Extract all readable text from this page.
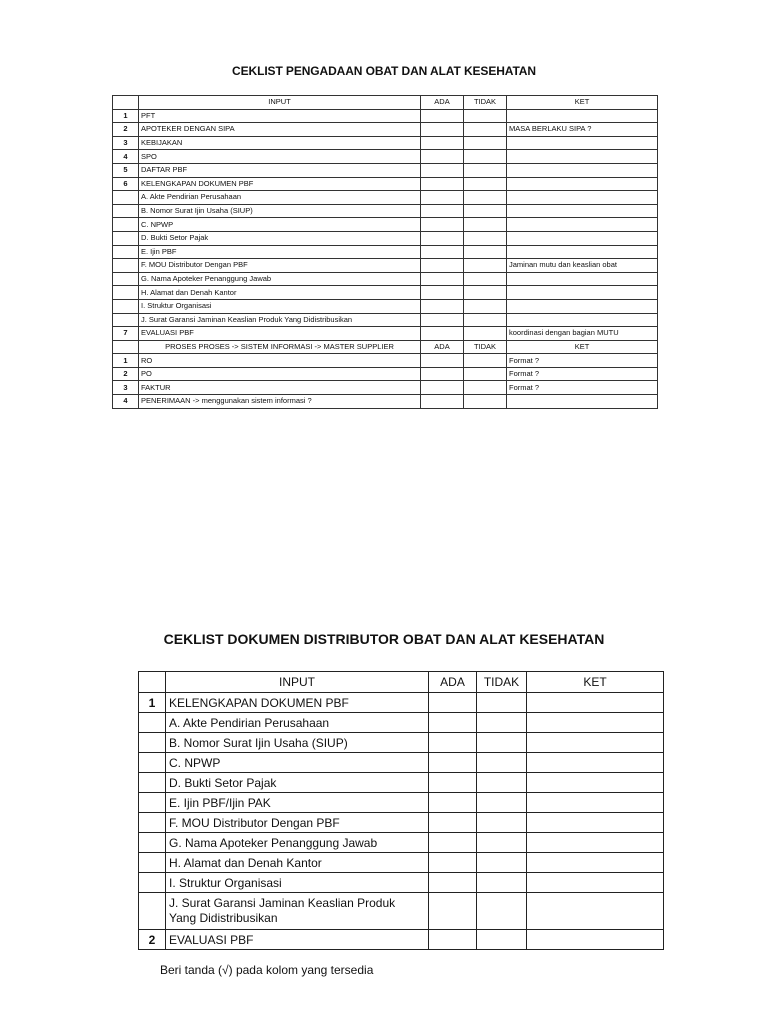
CEKLIST PENGADAAN OBAT DAN ALAT KESEHATAN
	INPUT	ADA	TIDAK	KET
1	PFT			
2	APOTEKER DENGAN SIPA			MASA BERLAKU SIPA ?
3	KEBIJAKAN			
4	SPO			
5	DAFTAR PBF			
6	KELENGKAPAN DOKUMEN PBF			
	A. Akte Pendirian Perusahaan			
	B. Nomor Surat Ijin Usaha (SIUP)			
	C. NPWP			
	D. Bukti Setor Pajak			
	E. Ijin PBF			
	F. MOU Distributor Dengan PBF			Jaminan mutu dan keaslian obat
	G. Nama Apoteker Penanggung Jawab			
	H. Alamat dan Denah Kantor			
	I. Struktur Organisasi			
	J. Surat Garansi Jaminan Keaslian Produk Yang Didistribusikan			
7	EVALUASI PBF			koordinasi dengan bagian MUTU
	PROSES PROSES -> SISTEM INFORMASI -> MASTER SUPPLIER	ADA	TIDAK	KET
1	RO			Format ?
2	PO			Format ?
3	FAKTUR			Format ?
4	PENERIMAAN -> menggunakan sistem informasi ?			
CEKLIST DOKUMEN DISTRIBUTOR OBAT DAN ALAT KESEHATAN
	INPUT	ADA	TIDAK	KET
1	KELENGKAPAN DOKUMEN PBF			
	A. Akte Pendirian Perusahaan			
	B. Nomor Surat Ijin Usaha (SIUP)			
	C. NPWP			
	D. Bukti Setor Pajak			
	E. Ijin PBF/Ijin PAK			
	F. MOU Distributor Dengan PBF			
	G. Nama Apoteker Penanggung Jawab			
	H. Alamat dan Denah Kantor			
	I. Struktur Organisasi			
	J. Surat Garansi Jaminan Keaslian Produk Yang Didistribusikan			
2	EVALUASI PBF			
Beri tanda (√) pada kolom yang tersedia
